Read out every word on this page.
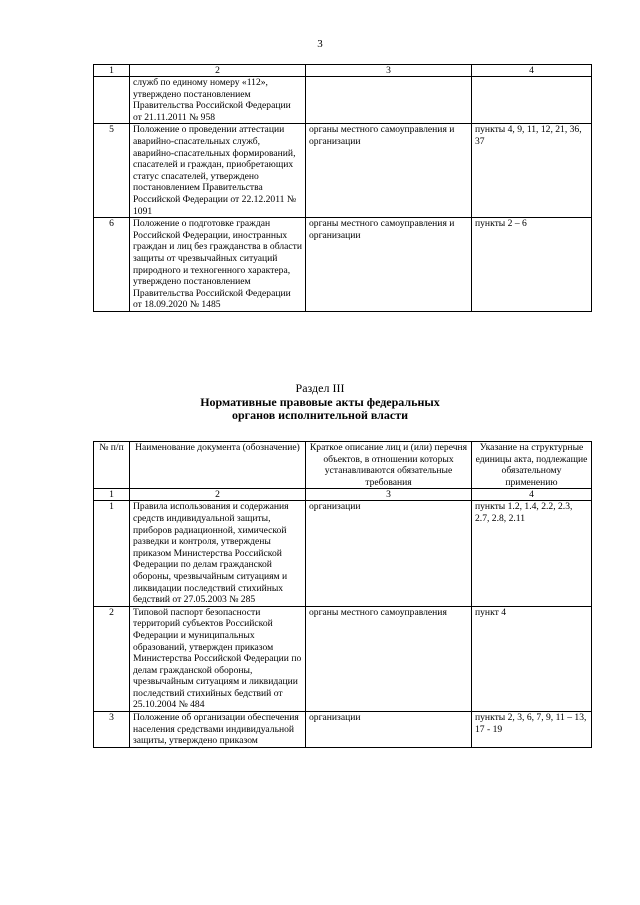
3
1	2	3	4
	служб по единому номеру «112», утверждено постановлением Правительства Российской Федерации от 21.11.2011 № 958		
5	Положение о проведении аттестации аварийно-спасательных служб, аварийно-спасательных формирований, спасателей и граждан, приобретающих статус спасателей, утверждено постановлением Правительства Российской Федерации от 22.12.2011 № 1091	органы местного самоуправления и организации	пункты 4, 9, 11, 12, 21, 36, 37
6	Положение о подготовке граждан Российской Федерации, иностранных граждан и лиц без гражданства в области защиты от чрезвычайных ситуаций природного и техногенного характера, утверждено постановлением Правительства Российской Федерации от 18.09.2020 № 1485	органы местного самоуправления и организации	пункты 2 – 6
Раздел III
Нормативные правовые акты федеральных
органов исполнительной власти
№ п/п	Наименование документа (обозначение)	Краткое описание лиц и (или) перечня объектов, в отношении которых устанавливаются обязательные требования	Указание на структурные единицы акта, подлежащие обязательному применению
1	2	3	4
1	Правила использования и содержания средств индивидуальной защиты, приборов радиационной, химической разведки и контроля, утверждены приказом Министерства Российской Федерации по делам гражданской обороны, чрезвычайным ситуациям и ликвидации последствий стихийных бедствий от 27.05.2003 № 285	организации	пункты 1.2, 1.4, 2.2, 2.3, 2.7, 2.8, 2.11
2	Типовой паспорт безопасности территорий субъектов Российской Федерации и муниципальных образований, утвержден приказом Министерства Российской Федерации по делам гражданской обороны, чрезвычайным ситуациям и ликвидации последствий стихийных бедствий от 25.10.2004 № 484	органы местного самоуправления	пункт 4
3	Положение об организации обеспечения населения средствами индивидуальной защиты, утверждено приказом	организации	пункты 2, 3, 6, 7, 9, 11 – 13, 17 - 19
